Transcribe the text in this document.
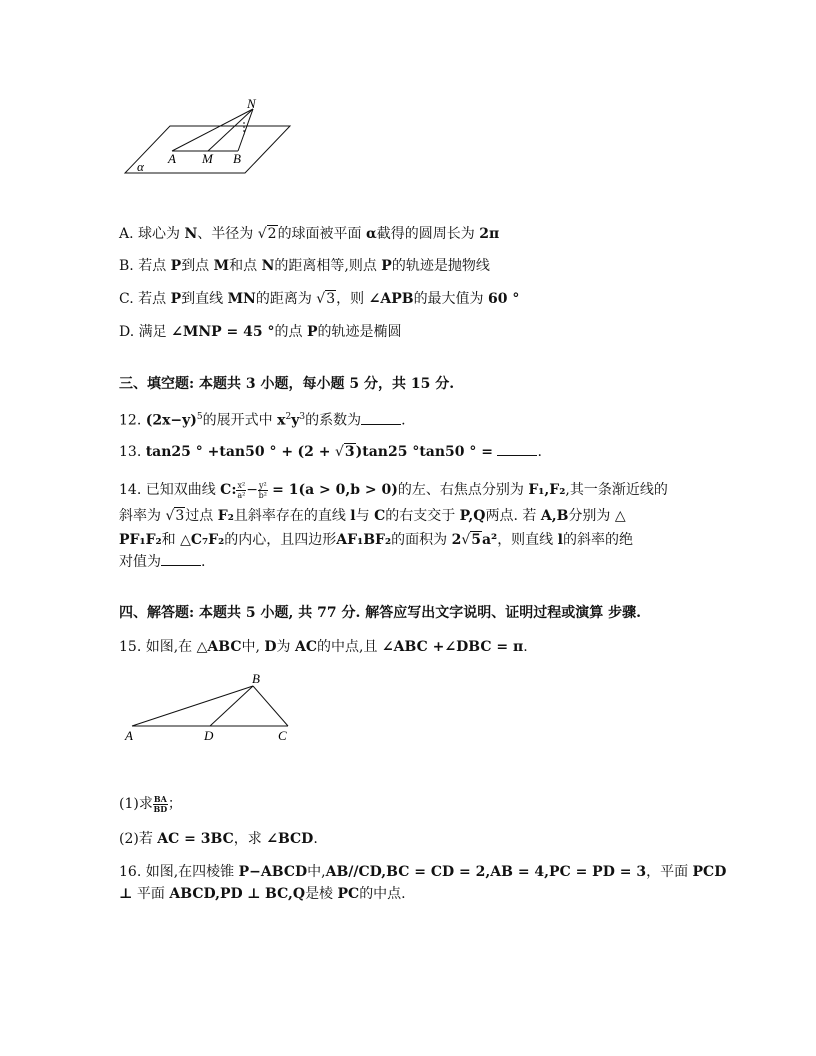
N
A M B
α
A. 球心为 N、半径为 √2的球面被平面 α截得的圆周长为 2π
B. 若点 P到点 M和点 N的距离相等,则点 P的轨迹是抛物线
C. 若点 P到直线 MN的距离为 √3，则 ∠APB的最大值为 60 °
D. 满足 ∠MNP = 45 °的点 P的轨迹是椭圆
三、填空题: 本题共 3 小题，每小题 5 分，共 15 分.
12. $(2x-y)^5$的展开式中 $x^2y^3$的系数为	.
13. tan25 ° +tan50 ° + (2 + √3)tan25 °tan50 ° =	.
14. 已知双曲线 C: $\frac{\text{x²}}{\text{a²}} - \frac{\text{y²}}{\text{b²}} = 1(a > 0,b > 0)$的左、右焦点分别为 F₁,F₂,其一条渐近线的
斜率为 √3过点 F₂且斜率存在的直线 l与 C的右支交于 P,Q两点. 若 A,B分别为 △
PF₁F₂和 △C₇F₂的内心，且四边形AF₁BF₂的面积为 2√5a²，则直线 l的斜率的绝
对值为	.
四、解答题: 本题共 5 小题, 共 77 分. 解答应写出文字说明、证明过程或演算 步骤.
15. 如图,在 △ABC中, D为 AC的中点,且 ∠ABC +∠DBC = π.
B
A	D	C
(1)求 $\frac{BA}{BD}$ ；
(2)若 AC = 3BC，求 ∠BCD.
16. 如图,在四棱锥 P−ABCD中,AB//CD,BC = CD = 2,AB = 4,PC = PD = 3，平面 PCD
⊥ 平面 ABCD,PD ⊥ BC,Q是棱 PC的中点.
